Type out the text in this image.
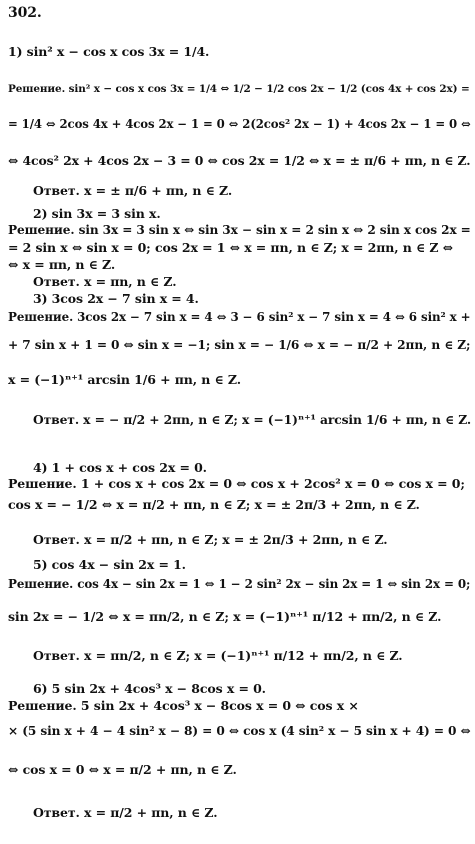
302.
1) sin² x − cos x cos 3x = 1/4.
Решение. sin² x − cos x cos 3x = 1/4 ⇔ 1/2 − 1/2 cos 2x − 1/2 (cos 4x + cos 2x) =
= 1/4 ⇔ 2cos 4x + 4cos 2x − 1 = 0 ⇔ 2(2cos² 2x − 1) + 4cos 2x − 1 = 0 ⇔
⇔ 4cos² 2x + 4cos 2x − 3 = 0 ⇔ cos 2x = 1/2 ⇔ x = ± π/6 + πn, n ∈ Z.
Ответ. x = ± π/6 + πn, n ∈ Z.
2) sin 3x = 3 sin x.
Решение. sin 3x = 3 sin x ⇔ sin 3x − sin x = 2 sin x ⇔ 2 sin x cos 2x =
= 2 sin x ⇔ sin x = 0; cos 2x = 1 ⇔ x = πn, n ∈ Z; x = 2πn, n ∈ Z ⇔
⇔ x = πn, n ∈ Z.
Ответ. x = πn, n ∈ Z.
3) 3cos 2x − 7 sin x = 4.
Решение. 3cos 2x − 7 sin x = 4 ⇔ 3 − 6 sin² x − 7 sin x = 4 ⇔ 6 sin² x +
+ 7 sin x + 1 = 0 ⇔ sin x = −1; sin x = − 1/6 ⇔ x = − π/2 + 2πn, n ∈ Z;
x = (−1)ⁿ⁺¹ arcsin 1/6 + πn, n ∈ Z.
Ответ. x = − π/2 + 2πn, n ∈ Z; x = (−1)ⁿ⁺¹ arcsin 1/6 + πn, n ∈ Z.
4) 1 + cos x + cos 2x = 0.
Решение. 1 + cos x + cos 2x = 0 ⇔ cos x + 2cos² x = 0 ⇔ cos x = 0;
cos x = − 1/2 ⇔ x = π/2 + πn, n ∈ Z; x = ± 2π/3 + 2πn, n ∈ Z.
Ответ. x = π/2 + πn, n ∈ Z; x = ± 2π/3 + 2πn, n ∈ Z.
5) cos 4x − sin 2x = 1.
Решение. cos 4x − sin 2x = 1 ⇔ 1 − 2 sin² 2x − sin 2x = 1 ⇔ sin 2x = 0;
sin 2x = − 1/2 ⇔ x = πn/2, n ∈ Z; x = (−1)ⁿ⁺¹ π/12 + πn/2, n ∈ Z.
Ответ. x = πn/2, n ∈ Z; x = (−1)ⁿ⁺¹ π/12 + πn/2, n ∈ Z.
6) 5 sin 2x + 4cos³ x − 8cos x = 0.
Решение. 5 sin 2x + 4cos³ x − 8cos x = 0 ⇔ cos x ×
× (5 sin x + 4 − 4 sin² x − 8) = 0 ⇔ cos x (4 sin² x − 5 sin x + 4) = 0 ⇔
⇔ cos x = 0 ⇔ x = π/2 + πn, n ∈ Z.
Ответ. x = π/2 + πn, n ∈ Z.
